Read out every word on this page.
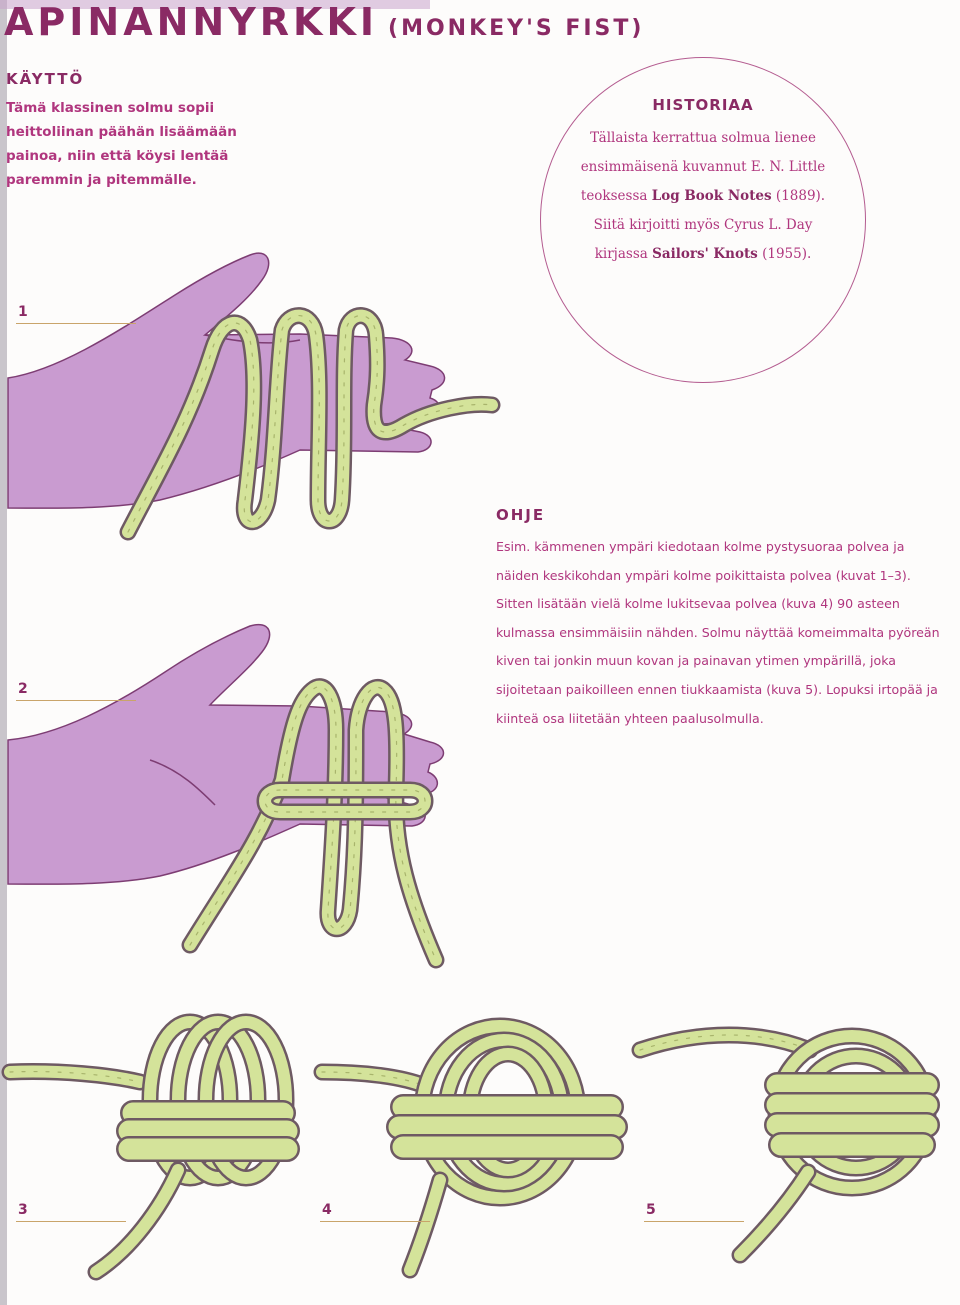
APINANNYRKKI (MONKEY'S FIST)
KÄYTTÖ
Tämä klassinen solmu sopii heittoliinan päähän lisäämään painoa, niin että köysi lentää paremmin ja pitemmälle.
HISTORIAA
Tällaista kerrattua solmua lienee ensimmäisenä kuvannut E. N. Little teoksessa Log Book Notes (1889). Siitä kirjoitti myös Cyrus L. Day kirjassa Sailors' Knots (1955).
OHJE
Esim. kämmenen ympäri kiedotaan kolme pystysuoraa polvea ja näiden keskikohdan ympäri kolme poikittaista polvea (kuvat 1–3). Sitten lisätään vielä kolme lukitsevaa polvea (kuva 4) 90 asteen kulmassa ensimmäisiin nähden. Solmu näyttää komeimmalta pyöreän kiven tai jonkin muun kovan ja painavan ytimen ympärillä, joka sijoitetaan paikoilleen ennen tiukkaamista (kuva 5). Lopuksi irtopää ja kiinteä osa liitetään yhteen paalusolmulla.
1
2
3	4	5
